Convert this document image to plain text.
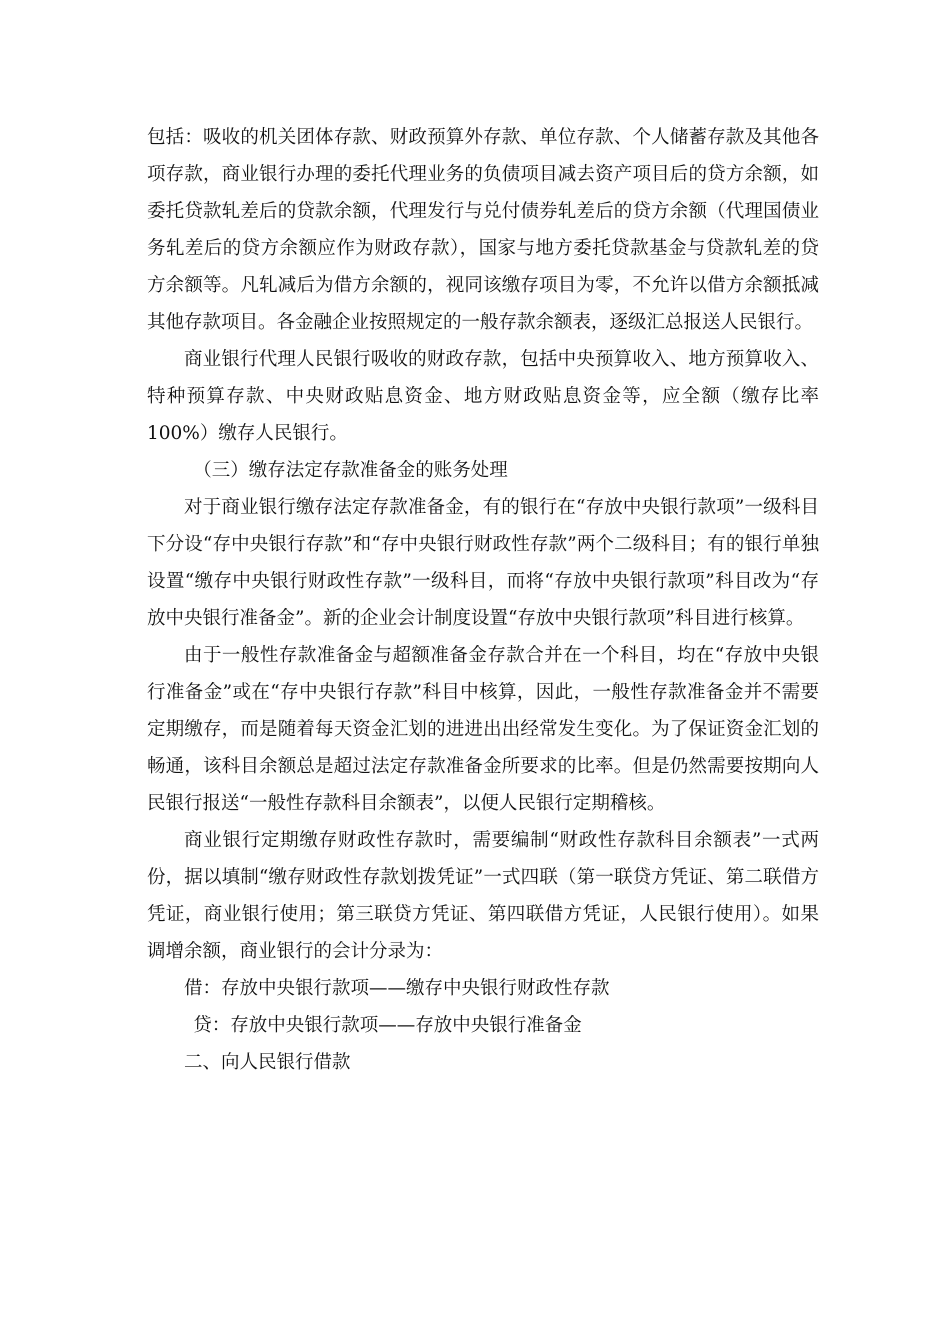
包括：吸收的机关团体存款、财政预算外存款、单位存款、个人储蓄存款及其他各项存款，商业银行办理的委托代理业务的负债项目减去资产项目后的贷方余额，如委托贷款轧差后的贷款余额，代理发行与兑付债券轧差后的贷方余额（代理国债业务轧差后的贷方余额应作为财政存款），国家与地方委托贷款基金与贷款轧差的贷方余额等。凡轧减后为借方余额的，视同该缴存项目为零，不允许以借方余额抵减其他存款项目。各金融企业按照规定的一般存款余额表，逐级汇总报送人民银行。

商业银行代理人民银行吸收的财政存款，包括中央预算收入、地方预算收入、特种预算存款、中央财政贴息资金、地方财政贴息资金等，应全额（缴存比率100%）缴存人民银行。

（三）缴存法定存款准备金的账务处理

对于商业银行缴存法定存款准备金，有的银行在“存放中央银行款项”一级科目下分设“存中央银行存款”和“存中央银行财政性存款”两个二级科目；有的银行单独设置“缴存中央银行财政性存款”一级科目，而将“存放中央银行款项”科目改为“存放中央银行准备金”。新的企业会计制度设置“存放中央银行款项”科目进行核算。

由于一般性存款准备金与超额准备金存款合并在一个科目，均在“存放中央银行准备金”或在“存中央银行存款”科目中核算，因此，一般性存款准备金并不需要定期缴存，而是随着每天资金汇划的进进出出经常发生变化。为了保证资金汇划的畅通，该科目余额总是超过法定存款准备金所要求的比率。但是仍然需要按期向人民银行报送“一般性存款科目余额表”，以便人民银行定期稽核。

商业银行定期缴存财政性存款时，需要编制“财政性存款科目余额表”一式两份，据以填制“缴存财政性存款划拨凭证”一式四联（第一联贷方凭证、第二联借方凭证，商业银行使用；第三联贷方凭证、第四联借方凭证，人民银行使用）。如果调增余额，商业银行的会计分录为：

借：存放中央银行款项——缴存中央银行财政性存款

贷：存放中央银行款项——存放中央银行准备金

二、向人民银行借款
